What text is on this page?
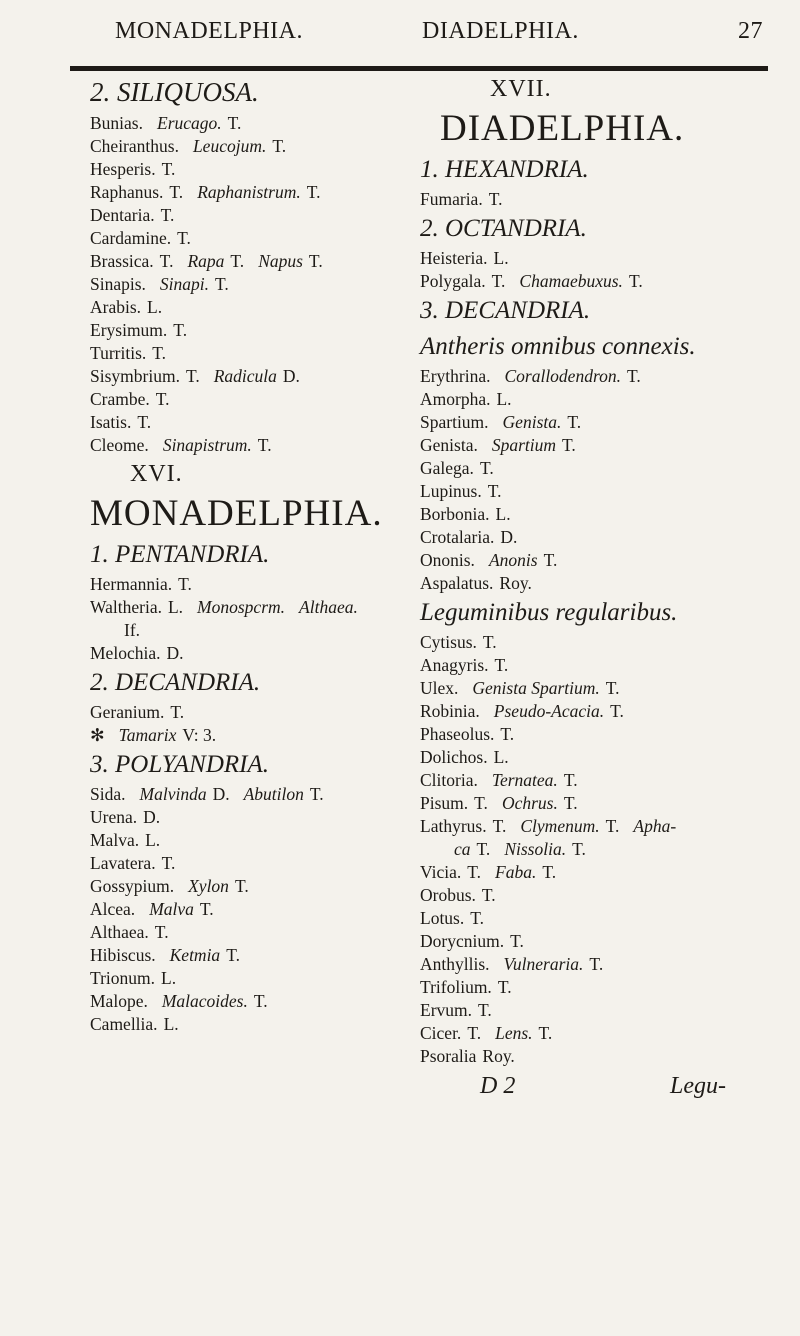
MONADELPHIA.	DIADELPHIA.	27
2. SILIQUOSA.
Bunias. Erucago. T.
Cheiranthus. Leucojum. T.
Hesperis. T.
Raphanus. T. Raphanistrum. T.
Dentaria. T.
Cardamine. T.
Brassica. T. Rapa T. Napus T.
Sinapis. Sinapi. T.
Arabis. L.
Erysimum. T.
Turritis. T.
Sisymbrium. T. Radicula D.
Crambe. T.
Isatis. T.
Cleome. Sinapistrum. T.
XVI.
MONADELPHIA.
1. PENTANDRIA.
Hermannia. T.
Waltheria. L. Monospcrm. Althaea.
If.
Melochia. D.
2. DECANDRIA.
Geranium. T.
✻ Tamarix V: 3.
3. POLYANDRIA.
Sida. Malvinda D. Abutilon T.
Urena. D.
Malva. L.
Lavatera. T.
Gossypium. Xylon T.
Alcea. Malva T.
Althaea. T.
Hibiscus. Ketmia T.
Trionum. L.
Malope. Malacoides. T.
Camellia. L.
XVII.
DIADELPHIA.
1. HEXANDRIA.
Fumaria. T.
2. OCTANDRIA.
Heisteria. L.
Polygala. T. Chamaebuxus. T.
3. DECANDRIA.
Antheris omnibus connexis.
Erythrina. Corallodendron. T.
Amorpha. L.
Spartium. Genista. T.
Genista. Spartium T.
Galega. T.
Lupinus. T.
Borbonia. L.
Crotalaria. D.
Ononis. Anonis T.
Aspalatus. Roy.
Leguminibus regularibus.
Cytisus. T.
Anagyris. T.
Ulex. Genista Spartium. T.
Robinia. Pseudo-Acacia. T.
Phaseolus. T.
Dolichos. L.
Clitoria. Ternatea. T.
Pisum. T. Ochrus. T.
Lathyrus. T. Clymenum. T. Apha-
ca T. Nissolia. T.
Vicia. T. Faba. T.
Orobus. T.
Lotus. T.
Dorycnium. T.
Anthyllis. Vulneraria. T.
Trifolium. T.
Ervum. T.
Cicer. T. Lens. T.
Psoralia Roy.
D 2	Legu-
